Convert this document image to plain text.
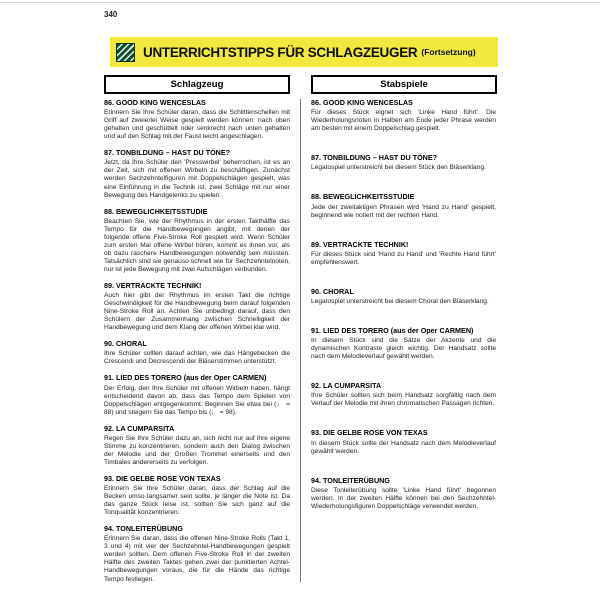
340
UNTERRICHTSTIPPS FÜR SCHLAGZEUGER (Fortsetzung)
Schlagzeug	Stabspiele
86. GOOD KING WENCESLAS

Erinnern Sie Ihre Schüler daran, dass die Schlittenschellen mit Griff auf zweierlei Weise gespielt werden können: nach oben gehalten und geschüttelt oder senkrecht nach unten gehalten und auf den Schlag mit der Faust leicht angeschlagen.

87. TONBILDUNG – HAST DU TÖNE?

Jetzt, da Ihre Schüler den 'Presswirbel' beherrschen, ist es an der Zeit, sich mit offenen Wirbeln zu beschäftigen. Zunächst werden Sechzehntelfiguren mit Doppelschlägen gespielt, was eine Einführung in die Technik ist, zwei Schläge mit nur einer Bewegung des Handgelenks zu spielen.

88. BEWEGLICHKEITSSTUDIE

Beachten Sie, wie der Rhythmus in der ersten Takthälfte das Tempo für die Handbewegungen angibt, mit denen der folgende offene Five-Stroke Roll gespielt wird. Wenn Schüler zum ersten Mal offene Wirbel hören, kommt es ihnen vor, als ob dazu raschere Handbewegungen notwendig sein müssten. Tatsächlich sind sie genauso schnell wie für Sechzehntelnoten, nur ist jede Bewegung mit zwei Aufschlägen verbunden.

89. VERTRACKTE TECHNIK!

Auch hier gibt der Rhythmus im ersten Takt die richtige Geschwindigkeit für die Handbewegung beim darauf folgenden Nine-Stroke Roll an. Achten Sie unbedingt darauf, dass den Schülern der Zusammenhang zwischen Schnelligkeit der Handbewegung und dem Klang der offenen Wirbel klar wird.

90. CHORAL

Ihre Schüler sollten darauf achten, wie das Hängebecken die Crescendi und Decrescendi der Bläserstimmen unterstützt.

91. LIED DES TORERO (aus der Oper CARMEN)

Der Erfolg, den Ihre Schüler mit offenen Wirbeln haben, hängt entscheidend davon ab, dass das Tempo dem Spielen von Doppelschlägen entgegenkommt. Beginnen Sie etwa bei (♩ = 88) und steigern Sie das Tempo bis (♩ = 98).

92. LA CUMPARSITA

Regen Sie Ihre Schüler dazu an, sich nicht nur auf ihre eigene Stimme zu konzentrieren, sondern auch den Dialog zwischen der Melodie und der Großen Trommel einerseits und den Timbales andererseits zu verfolgen.

93. DIE GELBE ROSE VON TEXAS

Erinnern Sie Ihre Schüler daran, dass der Schlag auf die Becken umso langsamer sein sollte, je länger die Note ist. Da das ganze Stück leise ist, sollten Sie sich ganz auf die Tonqualität konzentrieren.

94. TONLEITERÜBUNG

Erinnern Sie daran, dass die offenen Nine-Stroke Rolls (Takt 1, 3 und 4) mit vier der Sechzehntel-Handbewegungen gespielt werden sollten. Dem offenen Five-Stroke Roll in der zweiten Hälfte des zweiten Taktes gehen zwei der punktierten Achtel-Handbewegungen voraus, die für die Hände das richtige Tempo festlegen.

86. GOOD KING WENCESLAS

Für dieses Stück eignet sich 'Linke Hand führt'. Die Wiederholungsnoten in Halben am Ende jeder Phrase werden am besten mit einem Doppelschlag gespielt.

87. TONBILDUNG – HAST DU TÖNE?

Legatospiel unterstreicht bei diesem Stück den Bläserklang.

88. BEWEGLICHKEITSSTUDIE

Jede der zweitaktigen Phrasen wird 'Hand zu Hand' gespielt, beginnend wie notiert mit der rechten Hand.

89. VERTRACKTE TECHNIK!

Für dieses Stück sind 'Hand zu Hand' und 'Rechte Hand führt' empfehlenswert.

90. CHORAL

Legatospiel unterstreicht bei diesem Choral den Bläserklang.

91. LIED DES TORERO (aus der Oper CARMEN)

In diesem Stück sind die Sätze der Akzente und die dynamischen Kontraste gleich wichtig. Der Handsatz sollte nach dem Melodieverlauf gewählt werden.

92. LA CUMPARSITA

Ihre Schüler sollten sich beim Handsatz sorgfältig nach dem Verlauf der Melodie mit ihren chromatischen Passagen richten.

93. DIE GELBE ROSE VON TEXAS

In diesem Stück sollte der Handsatz nach dem Melodieverlauf gewählt werden.

94. TONLEITERÜBUNG

Diese Tonleiterübung sollte 'Linke Hand führt' begonnen werden. In der zweiten Hälfte können bei den Sechzehntel-Wiederholungsfiguren Doppelschläge verwendet werden.
